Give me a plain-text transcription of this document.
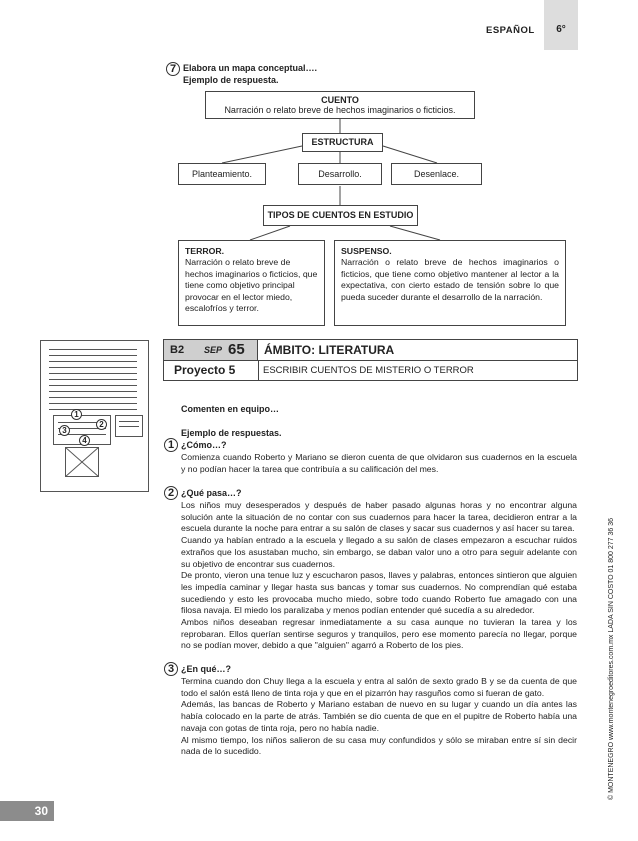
ESPAÑOL	6°
7 Elabora un mapa conceptual….
Ejemplo de respuesta.
CUENTO
Narración o relato breve de hechos imaginarios o ficticios.
ESTRUCTURA
Planteamiento.	Desarrollo.	Desenlace.
TIPOS DE CUENTOS EN ESTUDIO
TERROR.
Narración o relato breve de hechos imaginarios o ficticios, que tiene como objetivo principal provocar en el lector miedo, escalofríos y terror.
SUSPENSO.
Narración o relato breve de hechos imaginarios o ficticios, que tiene como objetivo mantener al lector a la expectativa, con cierto estado de tensión sobre lo que pueda suceder durante el desarrollo de la narración.
B2 SEP 65 ÁMBITO: LITERATURA
Proyecto 5	ESCRIBIR CUENTOS DE MISTERIO O TERROR
1
2
3
4
Comenten en equipo…
Ejemplo de respuestas.
1 ¿Cómo…?
Comienza cuando Roberto y Mariano se dieron cuenta de que olvidaron sus cuadernos en la escuela y no podían hacer la tarea que contribuía a su calificación del mes.
2 ¿Qué pasa…?
Los niños muy desesperados y después de haber pasado algunas horas y no encontrar alguna solución ante la situación de no contar con sus cuadernos para hacer la tarea, decidieron entrar a la escuela durante la noche para entrar a su salón de clases y sacar sus cuadernos y así hacer su tarea.
Cuando ya habían entrado a la escuela y llegado a su salón de clases empezaron a escuchar ruidos extraños que los asustaban mucho, sin embargo, se daban valor uno a otro para seguir adelante con su objetivo de encontrar sus cuadernos.
De pronto, vieron una tenue luz y escucharon pasos, llaves y palabras, entonces sintieron que alguien les impedía caminar y llegar hasta sus bancas y tomar sus cuadernos. No comprendían qué estaba sucediendo y esto les provocaba mucho miedo, sobre todo cuando Roberto fue amagado con una filosa navaja. El miedo los paralizaba y menos podían entender qué sucedía a su alrededor.
Ambos niños deseaban regresar inmediatamente a su casa aunque no tuvieran la tarea y los reprobaran. Ellos querían sentirse seguros y tranquilos, pero ese momento parecía no llegar, porque no se podían mover, debido a que "alguien" agarró a Roberto de los pies.
3 ¿En qué…?
Termina cuando don Chuy llega a la escuela y entra al salón de sexto grado B y se da cuenta de que todo el salón está lleno de tinta roja y que en el pizarrón hay rasguños como si fueran de gato.
Además, las bancas de Roberto y Mariano estaban de nuevo en su lugar y cuando un día antes las había colocado en la parte de atrás. También se dio cuenta de que en el pupitre de Roberto había una navaja con gotas de tinta roja, pero no había nadie.
Al mismo tiempo, los niños salieron de su casa muy confundidos y sólo se miraban entre sí sin decir nada de lo sucedido.
30
© MONTENEGRO www.montenegroeditores.com.mx LADA SIN COSTO 01 800 277 36 36
